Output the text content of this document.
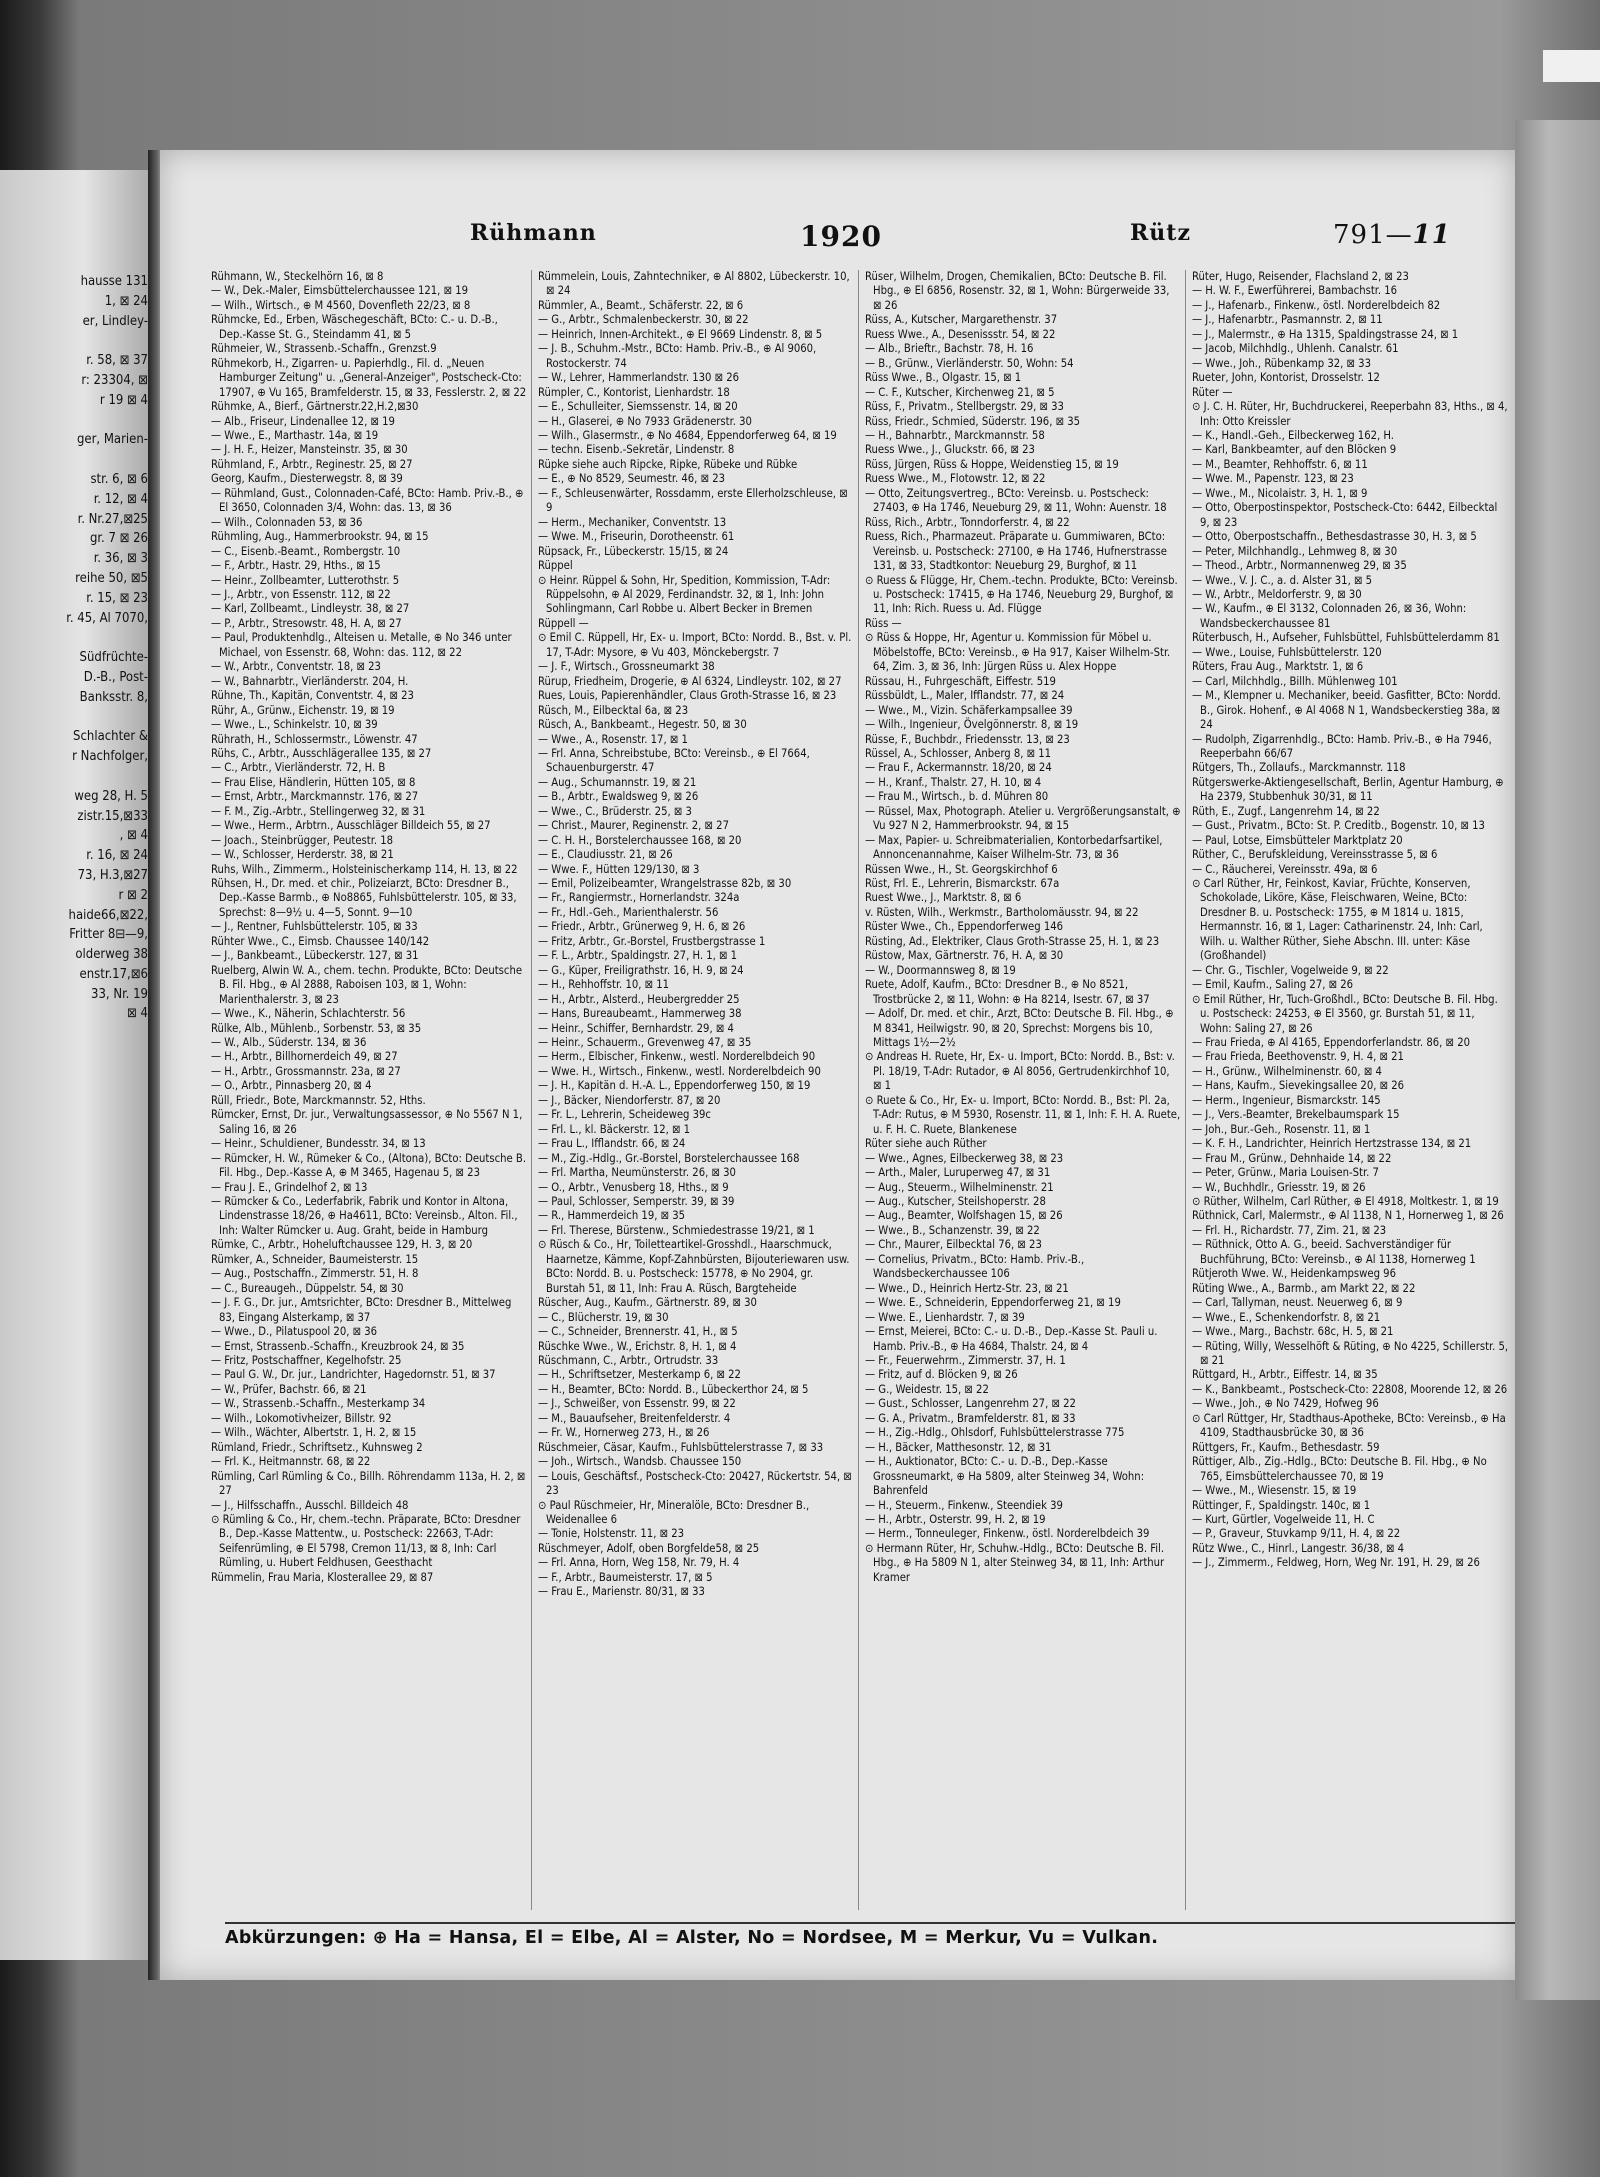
hausse 131
1, ⊠ 24
er, Lindley-

r. 58, ⊠ 37
r: 23304, ⊠
r 19 ⊠ 4

ger, Marien-

str. 6, ⊠ 6
r. 12, ⊠ 4
r. Nr.27,⊠25
gr. 7 ⊠ 26
r. 36, ⊠ 3
reihe 50, ⊠5
r. 15, ⊠ 23
r. 45, Al 7070,

Südfrüchte-
D.-B., Post-
Banksstr. 8,

Schlachter &
r Nachfolger,

weg 28, H. 5
zistr.15,⊠33
, ⊠ 4
r. 16, ⊠ 24
73, H.3,⊠27
r ⊠ 2
haide66,⊠22,
Fritter 8⊟—9,
olderweg 38
enstr.17,⊠6
33, Nr. 19
⊠ 4
Rühmann	1920	Rütz	791—11

Rühmann, W., Steckelhörn 16, ⊠ 8

— W., Dek.-Maler, Eimsbüttelerchaussee 121, ⊠ 19

— Wilh., Wirtsch., ⊕ M 4560, Dovenfleth 22/23, ⊠ 8

Rühmcke, Ed., Erben, Wäschegeschäft, BCto: C.- u. D.-B., Dep.-Kasse St. G., Steindamm 41, ⊠ 5

Rühmeier, W., Strassenb.-Schaffn., Grenzst.9

Rühmekorb, H., Zigarren- u. Papierhdlg., Fil. d. „Neuen Hamburger Zeitung" u. „General-Anzeiger", Postscheck-Cto: 17907, ⊕ Vu 165, Bramfelderstr. 15, ⊠ 33, Fesslerstr. 2, ⊠ 22

Rühmke, A., Bierf., Gärtnerstr.22,H.2,⊠30

— Alb., Friseur, Lindenallee 12, ⊠ 19

— Wwe., E., Marthastr. 14a, ⊠ 19

— J. H. F., Heizer, Mansteinstr. 35, ⊠ 30

Rühmland, F., Arbtr., Reginestr. 25, ⊠ 27

Georg, Kaufm., Diesterwegstr. 8, ⊠ 39

— Rühmland, Gust., Colonnaden-Café, BCto: Hamb. Priv.-B., ⊕ El 3650, Colonnaden 3/4, Wohn: das. 13, ⊠ 36

— Wilh., Colonnaden 53, ⊠ 36

Rühmling, Aug., Hammerbrookstr. 94, ⊠ 15

— C., Eisenb.-Beamt., Rombergstr. 10

— F., Arbtr., Hastr. 29, Hths., ⊠ 15

— Heinr., Zollbeamter, Lutterothstr. 5

— J., Arbtr., von Essenstr. 112, ⊠ 22

— Karl, Zollbeamt., Lindleystr. 38, ⊠ 27

— P., Arbtr., Stresowstr. 48, H. A, ⊠ 27

— Paul, Produktenhdlg., Alteisen u. Metalle, ⊕ No 346 unter Michael, von Essenstr. 68, Wohn: das. 112, ⊠ 22

— W., Arbtr., Conventstr. 18, ⊠ 23

— W., Bahnarbtr., Vierländerstr. 204, H.

Rühne, Th., Kapitän, Conventstr. 4, ⊠ 23

Rühr, A., Grünw., Eichenstr. 19, ⊠ 19

— Wwe., L., Schinkelstr. 10, ⊠ 39

Rührath, H., Schlossermstr., Löwenstr. 47

Rühs, C., Arbtr., Ausschlägerallee 135, ⊠ 27

— C., Arbtr., Vierländerstr. 72, H. B

— Frau Elise, Händlerin, Hütten 105, ⊠ 8

— Ernst, Arbtr., Marckmannstr. 176, ⊠ 27

— F. M., Zig.-Arbtr., Stellingerweg 32, ⊠ 31

— Wwe., Herm., Arbtrn., Ausschläger Billdeich 55, ⊠ 27

— Joach., Steinbrügger, Peutestr. 18

— W., Schlosser, Herderstr. 38, ⊠ 21

Ruhs, Wilh., Zimmerm., Holsteinischerkamp 114, H. 13, ⊠ 22

Rühsen, H., Dr. med. et chir., Polizeiarzt, BCto: Dresdner B., Dep.-Kasse Barmb., ⊕ No8865, Fuhlsbüttelerstr. 105, ⊠ 33, Sprechst: 8—9½ u. 4—5, Sonnt. 9—10

— J., Rentner, Fuhlsbüttelerstr. 105, ⊠ 33

Rühter Wwe., C., Eimsb. Chaussee 140/142

— J., Bankbeamt., Lübeckerstr. 127, ⊠ 31

Ruelberg, Alwin W. A., chem. techn. Produkte, BCto: Deutsche B. Fil. Hbg., ⊕ Al 2888, Raboisen 103, ⊠ 1, Wohn: Marienthalerstr. 3, ⊠ 23

— Wwe., K., Näherin, Schlachterstr. 56

Rülke, Alb., Mühlenb., Sorbenstr. 53, ⊠ 35

— W., Alb., Süderstr. 134, ⊠ 36

— H., Arbtr., Billhornerdeich 49, ⊠ 27

— H., Arbtr., Grossmannstr. 23a, ⊠ 27

— O., Arbtr., Pinnasberg 20, ⊠ 4

Rüll, Friedr., Bote, Marckmannstr. 52, Hths.

Rümcker, Ernst, Dr. jur., Verwaltungsassessor, ⊕ No 5567 N 1, Saling 16, ⊠ 26

— Heinr., Schuldiener, Bundesstr. 34, ⊠ 13

— Rümcker, H. W., Rümeker & Co., (Altona), BCto: Deutsche B. Fil. Hbg., Dep.-Kasse A, ⊕ M 3465, Hagenau 5, ⊠ 23

— Frau J. E., Grindelhof 2, ⊠ 13

— Rümcker & Co., Lederfabrik, Fabrik und Kontor in Altona, Lindenstrasse 18/26, ⊕ Ha4611, BCto: Vereinsb., Alton. Fil., Inh: Walter Rümcker u. Aug. Graht, beide in Hamburg

Rümke, C., Arbtr., Hoheluftchaussee 129, H. 3, ⊠ 20

Rümker, A., Schneider, Baumeisterstr. 15

— Aug., Postschaffn., Zimmerstr. 51, H. 8

— C., Bureaugeh., Düppelstr. 54, ⊠ 30

— J. F. G., Dr. jur., Amtsrichter, BCto: Dresdner B., Mittelweg 83, Eingang Alsterkamp, ⊠ 37

— Wwe., D., Pilatuspool 20, ⊠ 36

— Ernst, Strassenb.-Schaffn., Kreuzbrook 24, ⊠ 35

— Fritz, Postschaffner, Kegelhofstr. 25

— Paul G. W., Dr. jur., Landrichter, Hagedornstr. 51, ⊠ 37

— W., Prüfer, Bachstr. 66, ⊠ 21

— W., Strassenb.-Schaffn., Mesterkamp 34

— Wilh., Lokomotivheizer, Billstr. 92

— Wilh., Wächter, Albertstr. 1, H. 2, ⊠ 15

Rümland, Friedr., Schriftsetz., Kuhnsweg 2

— Frl. K., Heitmannstr. 68, ⊠ 22

Rümling, Carl Rümling & Co., Billh. Röhrendamm 113a, H. 2, ⊠ 27

— J., Hilfsschaffn., Ausschl. Billdeich 48

⊙ Rümling & Co., Hr, chem.-techn. Präparate, BCto: Dresdner B., Dep.-Kasse Mattentw., u. Postscheck: 22663, T-Adr: Seifenrümling, ⊕ El 5798, Cremon 11/13, ⊠ 8, Inh: Carl Rümling, u. Hubert Feldhusen, Geesthacht

Rümmelin, Frau Maria, Klosterallee 29, ⊠ 87

Rümmelein, Louis, Zahntechniker, ⊕ Al 8802, Lübeckerstr. 10, ⊠ 24

Rümmler, A., Beamt., Schäferstr. 22, ⊠ 6

— G., Arbtr., Schmalenbeckerstr. 30, ⊠ 22

— Heinrich, Innen-Architekt., ⊕ El 9669 Lindenstr. 8, ⊠ 5

— J. B., Schuhm.-Mstr., BCto: Hamb. Priv.-B., ⊕ Al 9060, Rostockerstr. 74

— W., Lehrer, Hammerlandstr. 130 ⊠ 26

Rümpler, C., Kontorist, Lienhardstr. 18

— E., Schulleiter, Siemssenstr. 14, ⊠ 20

— H., Glaserei, ⊕ No 7933 Grädenerstr. 30

— Wilh., Glasermstr., ⊕ No 4684, Eppendorferweg 64, ⊠ 19

— techn. Eisenb.-Sekretär, Lindenstr. 8

Rüpke siehe auch Ripcke, Ripke, Rübeke und Rübke

— E., ⊕ No 8529, Seumestr. 46, ⊠ 23

— F., Schleusenwärter, Rossdamm, erste Ellerholzschleuse, ⊠ 9

— Herm., Mechaniker, Conventstr. 13

— Wwe. M., Friseurin, Dorotheenstr. 61

Rüpsack, Fr., Lübeckerstr. 15/15, ⊠ 24

Rüppel

⊙ Heinr. Rüppel & Sohn, Hr, Spedition, Kommission, T-Adr: Rüppelsohn, ⊕ Al 2029, Ferdinandstr. 32, ⊠ 1, Inh: John Sohlingmann, Carl Robbe u. Albert Becker in Bremen

Rüppell —

⊙ Emil C. Rüppell, Hr, Ex- u. Import, BCto: Nordd. B., Bst. v. Pl. 17, T-Adr: Mysore, ⊕ Vu 403, Mönckebergstr. 7

— J. F., Wirtsch., Grossneumarkt 38

Rürup, Friedheim, Drogerie, ⊕ Al 6324, Lindleystr. 102, ⊠ 27

Rues, Louis, Papierenhändler, Claus Groth-Strasse 16, ⊠ 23

Rüsch, M., Eilbecktal 6a, ⊠ 23

Rüsch, A., Bankbeamt., Hegestr. 50, ⊠ 30

— Wwe., A., Rosenstr. 17, ⊠ 1

— Frl. Anna, Schreibstube, BCto: Vereinsb., ⊕ El 7664, Schauenburgerstr. 47

— Aug., Schumannstr. 19, ⊠ 21

— B., Arbtr., Ewaldsweg 9, ⊠ 26

— Wwe., C., Brüderstr. 25, ⊠ 3

— Christ., Maurer, Reginenstr. 2, ⊠ 27

— C. H. H., Borstelerchaussee 168, ⊠ 20

— E., Claudiusstr. 21, ⊠ 26

— Wwe. F., Hütten 129/130, ⊠ 3

— Emil, Polizeibeamter, Wrangelstrasse 82b, ⊠ 30

— Fr., Rangiermstr., Hornerlandstr. 324a

— Fr., Hdl.-Geh., Marienthalerstr. 56

— Friedr., Arbtr., Grünerweg 9, H. 6, ⊠ 26

— Fritz, Arbtr., Gr.-Borstel, Frustbergstrasse 1

— F. L., Arbtr., Spaldingstr. 27, H. 1, ⊠ 1

— G., Küper, Freiligrathstr. 16, H. 9, ⊠ 24

— H., Rehhoffstr. 10, ⊠ 11

— H., Arbtr., Alsterd., Heubergredder 25

— Hans, Bureaubeamt., Hammerweg 38

— Heinr., Schiffer, Bernhardstr. 29, ⊠ 4

— Heinr., Schauerm., Grevenweg 47, ⊠ 35

— Herm., Elbischer, Finkenw., westl. Norderelbdeich 90

— Wwe. H., Wirtsch., Finkenw., westl. Norderelbdeich 90

— J. H., Kapitän d. H.-A. L., Eppendorferweg 150, ⊠ 19

— J., Bäcker, Niendorferstr. 87, ⊠ 20

— Fr. L., Lehrerin, Scheideweg 39c

— Frl. L., kl. Bäckerstr. 12, ⊠ 1

— Frau L., Ifflandstr. 66, ⊠ 24

— M., Zig.-Hdlg., Gr.-Borstel, Borstelerchaussee 168

— Frl. Martha, Neumünsterstr. 26, ⊠ 30

— O., Arbtr., Venusberg 18, Hths., ⊠ 9

— Paul, Schlosser, Semperstr. 39, ⊠ 39

— R., Hammerdeich 19, ⊠ 35

— Frl. Therese, Bürstenw., Schmiedestrasse 19/21, ⊠ 1

⊙ Rüsch & Co., Hr, Toiletteartikel-Grosshdl., Haarschmuck, Haarnetze, Kämme, Kopf-Zahnbürsten, Bijouteriewaren usw. BCto: Nordd. B. u. Postscheck: 15778, ⊕ No 2904, gr. Burstah 51, ⊠ 11, Inh: Frau A. Rüsch, Bargteheide

Rüscher, Aug., Kaufm., Gärtnerstr. 89, ⊠ 30

— C., Blücherstr. 19, ⊠ 30

— C., Schneider, Brennerstr. 41, H., ⊠ 5

Rüschke Wwe., W., Erichstr. 8, H. 1, ⊠ 4

Rüschmann, C., Arbtr., Ortrudstr. 33

— H., Schriftsetzer, Mesterkamp 6, ⊠ 22

— H., Beamter, BCto: Nordd. B., Lübeckerthor 24, ⊠ 5

— J., Schweißer, von Essenstr. 99, ⊠ 22

— M., Bauaufseher, Breitenfelderstr. 4

— Fr. W., Hornerweg 273, H., ⊠ 26

Rüschmeier, Cäsar, Kaufm., Fuhlsbüttelerstrasse 7, ⊠ 33

— Joh., Wirtsch., Wandsb. Chaussee 150

— Louis, Geschäftsf., Postscheck-Cto: 20427, Rückertstr. 54, ⊠ 23

⊙ Paul Rüschmeier, Hr, Mineralöle, BCto: Dresdner B., Weidenallee 6

— Tonie, Holstenstr. 11, ⊠ 23

Rüschmeyer, Adolf, oben Borgfelde58, ⊠ 25

— Frl. Anna, Horn, Weg 158, Nr. 79, H. 4

— F., Arbtr., Baumeisterstr. 17, ⊠ 5

— Frau E., Marienstr. 80/31, ⊠ 33

Rüser, Wilhelm, Drogen, Chemikalien, BCto: Deutsche B. Fil. Hbg., ⊕ El 6856, Rosenstr. 32, ⊠ 1, Wohn: Bürgerweide 33, ⊠ 26

Rüss, A., Kutscher, Margarethenstr. 37

Ruess Wwe., A., Desenissstr. 54, ⊠ 22

— Alb., Brieftr., Bachstr. 78, H. 16

— B., Grünw., Vierländerstr. 50, Wohn: 54

Rüss Wwe., B., Olgastr. 15, ⊠ 1

— C. F., Kutscher, Kirchenweg 21, ⊠ 5

Rüss, F., Privatm., Stellbergstr. 29, ⊠ 33

Rüss, Friedr., Schmied, Süderstr. 196, ⊠ 35

— H., Bahnarbtr., Marckmannstr. 58

Ruess Wwe., J., Gluckstr. 66, ⊠ 23

Rüss, Jürgen, Rüss & Hoppe, Weidenstieg 15, ⊠ 19

Ruess Wwe., M., Flotowstr. 12, ⊠ 22

— Otto, Zeitungsvertreg., BCto: Vereinsb. u. Postscheck: 27403, ⊕ Ha 1746, Neueburg 29, ⊠ 11, Wohn: Auenstr. 18

Rüss, Rich., Arbtr., Tonndorferstr. 4, ⊠ 22

Ruess, Rich., Pharmazeut. Präparate u. Gummiwaren, BCto: Vereinsb. u. Postscheck: 27100, ⊕ Ha 1746, Hufnerstrasse 131, ⊠ 33, Stadtkontor: Neueburg 29, Burghof, ⊠ 11

⊙ Ruess & Flügge, Hr, Chem.-techn. Produkte, BCto: Vereinsb. u. Postscheck: 17415, ⊕ Ha 1746, Neueburg 29, Burghof, ⊠ 11, Inh: Rich. Ruess u. Ad. Flügge

Rüss —

⊙ Rüss & Hoppe, Hr, Agentur u. Kommission für Möbel u. Möbelstoffe, BCto: Vereinsb., ⊕ Ha 917, Kaiser Wilhelm-Str. 64, Zim. 3, ⊠ 36, Inh: Jürgen Rüss u. Alex Hoppe

Rüssau, H., Fuhrgeschäft, Eiffestr. 519

Rüssbüldt, L., Maler, Ifflandstr. 77, ⊠ 24

— Wwe., M., Vizin. Schäferkampsallee 39

— Wilh., Ingenieur, Övelgönnerstr. 8, ⊠ 19

Rüsse, F., Buchbdr., Friedensstr. 13, ⊠ 23

Rüssel, A., Schlosser, Anberg 8, ⊠ 11

— Frau F., Ackermannstr. 18/20, ⊠ 24

— H., Kranf., Thalstr. 27, H. 10, ⊠ 4

— Frau M., Wirtsch., b. d. Mühren 80

— Rüssel, Max, Photograph. Atelier u. Vergrößerungsanstalt, ⊕ Vu 927 N 2, Hammerbrookstr. 94, ⊠ 15

— Max, Papier- u. Schreibmaterialien, Kontorbedarfsartikel, Annoncenannahme, Kaiser Wilhelm-Str. 73, ⊠ 36

Rüssen Wwe., H., St. Georgskirchhof 6

Rüst, Frl. E., Lehrerin, Bismarckstr. 67a

Ruest Wwe., J., Marktstr. 8, ⊠ 6

v. Rüsten, Wilh., Werkmstr., Bartholomäusstr. 94, ⊠ 22

Rüster Wwe., Ch., Eppendorferweg 146

Rüsting, Ad., Elektriker, Claus Groth-Strasse 25, H. 1, ⊠ 23

Rüstow, Max, Gärtnerstr. 76, H. A, ⊠ 30

— W., Doormannsweg 8, ⊠ 19

Ruete, Adolf, Kaufm., BCto: Dresdner B., ⊕ No 8521, Trostbrücke 2, ⊠ 11, Wohn: ⊕ Ha 8214, Isestr. 67, ⊠ 37

— Adolf, Dr. med. et chir., Arzt, BCto: Deutsche B. Fil. Hbg., ⊕ M 8341, Heilwigstr. 90, ⊠ 20, Sprechst: Morgens bis 10, Mittags 1½—2½

⊙ Andreas H. Ruete, Hr, Ex- u. Import, BCto: Nordd. B., Bst: v. Pl. 18/19, T-Adr: Rutador, ⊕ Al 8056, Gertrudenkirchhof 10, ⊠ 1

⊙ Ruete & Co., Hr, Ex- u. Import, BCto: Nordd. B., Bst: Pl. 2a, T-Adr: Rutus, ⊕ M 5930, Rosenstr. 11, ⊠ 1, Inh: F. H. A. Ruete, u. F. H. C. Ruete, Blankenese

Rüter siehe auch Rüther

— Wwe., Agnes, Eilbeckerweg 38, ⊠ 23

— Arth., Maler, Luruperweg 47, ⊠ 31

— Aug., Steuerm., Wilhelminenstr. 21

— Aug., Kutscher, Steilshoperstr. 28

— Aug., Beamter, Wolfshagen 15, ⊠ 26

— Wwe., B., Schanzenstr. 39, ⊠ 22

— Chr., Maurer, Eilbecktal 76, ⊠ 23

— Cornelius, Privatm., BCto: Hamb. Priv.-B., Wandsbeckerchaussee 106

— Wwe., D., Heinrich Hertz-Str. 23, ⊠ 21

— Wwe. E., Schneiderin, Eppendorferweg 21, ⊠ 19

— Wwe. E., Lienhardstr. 7, ⊠ 39

— Ernst, Meierei, BCto: C.- u. D.-B., Dep.-Kasse St. Pauli u. Hamb. Priv.-B., ⊕ Ha 4684, Thalstr. 24, ⊠ 4

— Fr., Feuerwehrm., Zimmerstr. 37, H. 1

— Fritz, auf d. Blöcken 9, ⊠ 26

— G., Weidestr. 15, ⊠ 22

— Gust., Schlosser, Langenrehm 27, ⊠ 22

— G. A., Privatm., Bramfelderstr. 81, ⊠ 33

— H., Zig.-Hdlg., Ohlsdorf, Fuhlsbüttelerstrasse 775

— H., Bäcker, Matthesonstr. 12, ⊠ 31

— H., Auktionator, BCto: C.- u. D.-B., Dep.-Kasse Grossneumarkt, ⊕ Ha 5809, alter Steinweg 34, Wohn: Bahrenfeld

— H., Steuerm., Finkenw., Steendiek 39

— H., Arbtr., Osterstr. 99, H. 2, ⊠ 19

— Herm., Tonneuleger, Finkenw., östl. Norderelbdeich 39

⊙ Hermann Rüter, Hr, Schuhw.-Hdlg., BCto: Deutsche B. Fil. Hbg., ⊕ Ha 5809 N 1, alter Steinweg 34, ⊠ 11, Inh: Arthur Kramer

Rüter, Hugo, Reisender, Flachsland 2, ⊠ 23

— H. W. F., Ewerführerei, Bambachstr. 16

— J., Hafenarb., Finkenw., östl. Norderelbdeich 82

— J., Hafenarbtr., Pasmannstr. 2, ⊠ 11

— J., Malermstr., ⊕ Ha 1315, Spaldingstrasse 24, ⊠ 1

— Jacob, Milchhdlg., Uhlenh. Canalstr. 61

— Wwe., Joh., Rübenkamp 32, ⊠ 33

Rueter, John, Kontorist, Drosselstr. 12

Rüter —

⊙ J. C. H. Rüter, Hr, Buchdruckerei, Reeperbahn 83, Hths., ⊠ 4, Inh: Otto Kreissler

— K., Handl.-Geh., Eilbeckerweg 162, H.

— Karl, Bankbeamter, auf den Blöcken 9

— M., Beamter, Rehhoffstr. 6, ⊠ 11

— Wwe. M., Papenstr. 123, ⊠ 23

— Wwe., M., Nicolaistr. 3, H. 1, ⊠ 9

— Otto, Oberpostinspektor, Postscheck-Cto: 6442, Eilbecktal 9, ⊠ 23

— Otto, Oberpostschaffn., Bethesdastrasse 30, H. 3, ⊠ 5

— Peter, Milchhandlg., Lehmweg 8, ⊠ 30

— Theod., Arbtr., Normannenweg 29, ⊠ 35

— Wwe., V. J. C., a. d. Alster 31, ⊠ 5

— W., Arbtr., Meldorferstr. 9, ⊠ 30

— W., Kaufm., ⊕ El 3132, Colonnaden 26, ⊠ 36, Wohn: Wandsbeckerchaussee 81

Rüterbusch, H., Aufseher, Fuhlsbüttel, Fuhlsbüttelerdamm 81

— Wwe., Louise, Fuhlsbüttelerstr. 120

Rüters, Frau Aug., Marktstr. 1, ⊠ 6

— Carl, Milchhdlg., Billh. Mühlenweg 101

— M., Klempner u. Mechaniker, beeid. Gasfitter, BCto: Nordd. B., Girok. Hohenf., ⊕ Al 4068 N 1, Wandsbeckerstieg 38a, ⊠ 24

— Rudolph, Zigarrenhdlg., BCto: Hamb. Priv.-B., ⊕ Ha 7946, Reeperbahn 66/67

Rütgers, Th., Zollaufs., Marckmannstr. 118

Rütgerswerke-Aktiengesellschaft, Berlin, Agentur Hamburg, ⊕ Ha 2379, Stubbenhuk 30/31, ⊠ 11

Rüth, E., Zugf., Langenrehm 14, ⊠ 22

— Gust., Privatm., BCto: St. P. Creditb., Bogenstr. 10, ⊠ 13

— Paul, Lotse, Eimsbütteler Marktplatz 20

Rüther, C., Berufskleidung, Vereinsstrasse 5, ⊠ 6

— C., Räucherei, Vereinsstr. 49a, ⊠ 6

⊙ Carl Rüther, Hr, Feinkost, Kaviar, Früchte, Konserven, Schokolade, Liköre, Käse, Fleischwaren, Weine, BCto: Dresdner B. u. Postscheck: 1755, ⊕ M 1814 u. 1815, Hermannstr. 16, ⊠ 1, Lager: Catharinenstr. 24, Inh: Carl, Wilh. u. Walther Rüther, Siehe Abschn. III. unter: Käse (Großhandel)

— Chr. G., Tischler, Vogelweide 9, ⊠ 22

— Emil, Kaufm., Saling 27, ⊠ 26

⊙ Emil Rüther, Hr, Tuch-Großhdl., BCto: Deutsche B. Fil. Hbg. u. Postscheck: 24253, ⊕ El 3560, gr. Burstah 51, ⊠ 11, Wohn: Saling 27, ⊠ 26

— Frau Frieda, ⊕ Al 4165, Eppendorferlandstr. 86, ⊠ 20

— Frau Frieda, Beethovenstr. 9, H. 4, ⊠ 21

— H., Grünw., Wilhelminenstr. 60, ⊠ 4

— Hans, Kaufm., Sievekingsallee 20, ⊠ 26

— Herm., Ingenieur, Bismarckstr. 145

— J., Vers.-Beamter, Brekelbaumspark 15

— Joh., Bur.-Geh., Rosenstr. 11, ⊠ 1

— K. F. H., Landrichter, Heinrich Hertzstrasse 134, ⊠ 21

— Frau M., Grünw., Dehnhaide 14, ⊠ 22

— Peter, Grünw., Maria Louisen-Str. 7

— W., Buchhdlr., Griesstr. 19, ⊠ 26

⊙ Rüther, Wilhelm, Carl Rüther, ⊕ El 4918, Moltkestr. 1, ⊠ 19

Rüthnick, Carl, Malermstr., ⊕ Al 1138, N 1, Hornerweg 1, ⊠ 26

— Frl. H., Richardstr. 77, Zim. 21, ⊠ 23

— Rüthnick, Otto A. G., beeid. Sachverständiger für Buchführung, BCto: Vereinsb., ⊕ Al 1138, Hornerweg 1

Rütjeroth Wwe. W., Heidenkampsweg 96

Rüting Wwe., A., Barmb., am Markt 22, ⊠ 22

— Carl, Tallyman, neust. Neuerweg 6, ⊠ 9

— Wwe., E., Schenkendorfstr. 8, ⊠ 21

— Wwe., Marg., Bachstr. 68c, H. 5, ⊠ 21

— Rüting, Willy, Wesselhöft & Rüting, ⊕ No 4225, Schillerstr. 5, ⊠ 21

Rüttgard, H., Arbtr., Eiffestr. 14, ⊠ 35

— K., Bankbeamt., Postscheck-Cto: 22808, Moorende 12, ⊠ 26

— Wwe., Joh., ⊕ No 7429, Hofweg 96

⊙ Carl Rüttger, Hr, Stadthaus-Apotheke, BCto: Vereinsb., ⊕ Ha 4109, Stadthausbrücke 30, ⊠ 36

Rüttgers, Fr., Kaufm., Bethesdastr. 59

Rüttiger, Alb., Zig.-Hdlg., BCto: Deutsche B. Fil. Hbg., ⊕ No 765, Eimsbüttelerchaussee 70, ⊠ 19

— Wwe., M., Wiesenstr. 15, ⊠ 19

Rüttinger, F., Spaldingstr. 140c, ⊠ 1

— Kurt, Gürtler, Vogelweide 11, H. C

— P., Graveur, Stuvkamp 9/11, H. 4, ⊠ 22

Rütz Wwe., C., Hinrl., Langestr. 36/38, ⊠ 4

— J., Zimmerm., Feldweg, Horn, Weg Nr. 191, H. 29, ⊠ 26

Abkürzungen: ⊕ Ha = Hansa, El = Elbe, Al = Alster, No = Nordsee, M = Merkur, Vu = Vulkan.
